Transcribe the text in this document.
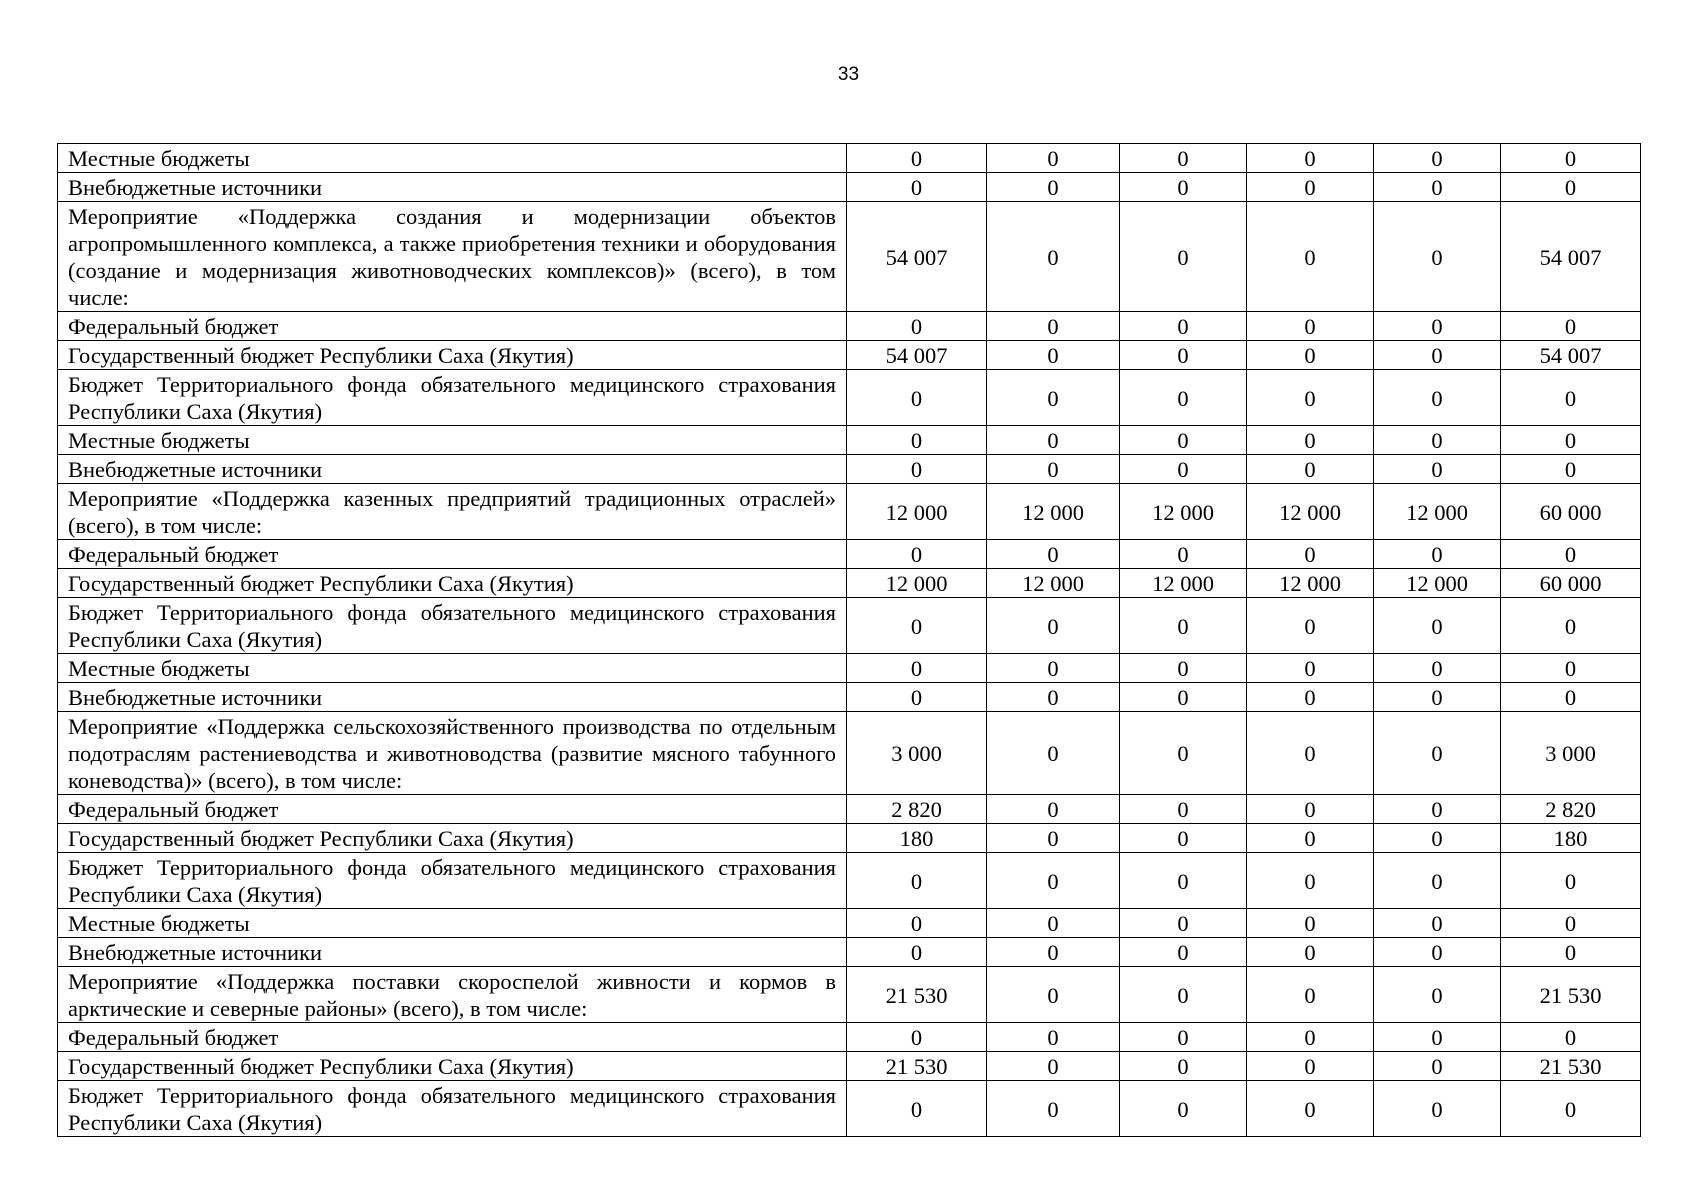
33
Местные бюджеты	0	0	0	0	0	0
Внебюджетные источники	0	0	0	0	0	0
Мероприятие «Поддержка создания и модернизации объектов агропромышленного комплекса, а также приобретения техники и оборудования (создание и модернизация животноводческих комплексов)» (всего), в том числе:	54 007	0	0	0	0	54 007
Федеральный бюджет	0	0	0	0	0	0
Государственный бюджет Республики Саха (Якутия)	54 007	0	0	0	0	54 007
Бюджет Территориального фонда обязательного медицинского страхования Республики Саха (Якутия)	0	0	0	0	0	0
Местные бюджеты	0	0	0	0	0	0
Внебюджетные источники	0	0	0	0	0	0
Мероприятие «Поддержка казенных предприятий традиционных отраслей» (всего), в том числе:	12 000	12 000	12 000	12 000	12 000	60 000
Федеральный бюджет	0	0	0	0	0	0
Государственный бюджет Республики Саха (Якутия)	12 000	12 000	12 000	12 000	12 000	60 000
Бюджет Территориального фонда обязательного медицинского страхования Республики Саха (Якутия)	0	0	0	0	0	0
Местные бюджеты	0	0	0	0	0	0
Внебюджетные источники	0	0	0	0	0	0
Мероприятие «Поддержка сельскохозяйственного производства по отдельным подотраслям растениеводства и животноводства (развитие мясного табунного коневодства)» (всего), в том числе:	3 000	0	0	0	0	3 000
Федеральный бюджет	2 820	0	0	0	0	2 820
Государственный бюджет Республики Саха (Якутия)	180	0	0	0	0	180
Бюджет Территориального фонда обязательного медицинского страхования Республики Саха (Якутия)	0	0	0	0	0	0
Местные бюджеты	0	0	0	0	0	0
Внебюджетные источники	0	0	0	0	0	0
Мероприятие «Поддержка поставки скороспелой живности и кормов в арктические и северные районы» (всего), в том числе:	21 530	0	0	0	0	21 530
Федеральный бюджет	0	0	0	0	0	0
Государственный бюджет Республики Саха (Якутия)	21 530	0	0	0	0	21 530
Бюджет Территориального фонда обязательного медицинского страхования Республики Саха (Якутия)	0	0	0	0	0	0
